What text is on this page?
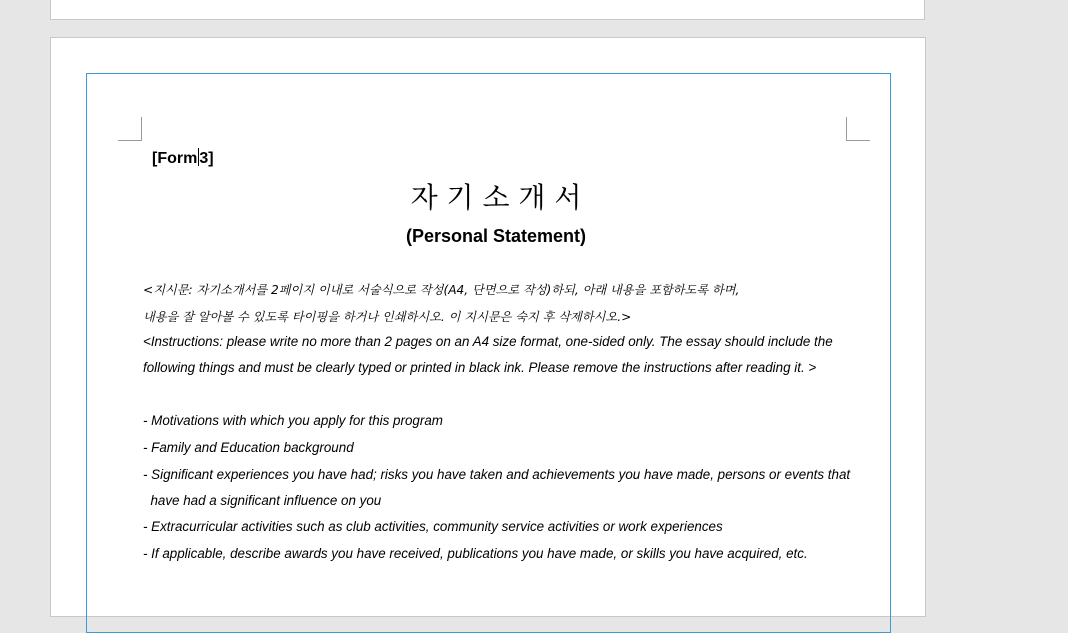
[Form 3]
자 기 소 개 서
(Personal Statement)
<지시문: 자기소개서를 2페이지 이내로 서술식으로 작성(A4, 단면으로 작성)하되, 아래 내용을 포함하도록 하며,
내용을 잘 알아볼 수 있도록 타이핑을 하거나 인쇄하시오. 이 지시문은 숙지 후 삭제하시오.>
<Instructions: please write no more than 2 pages on an A4 size format, one-sided only. The essay should include the
following things and must be clearly typed or printed in black ink. Please remove the instructions after reading it. >
- Motivations with which you apply for this program
- Family and Education background
- Significant experiences you have had; risks you have taken and achievements you have made, persons or events that
have had a significant influence on you
- Extracurricular activities such as club activities, community service activities or work experiences
- If applicable, describe awards you have received, publications you have made, or skills you have acquired, etc.
